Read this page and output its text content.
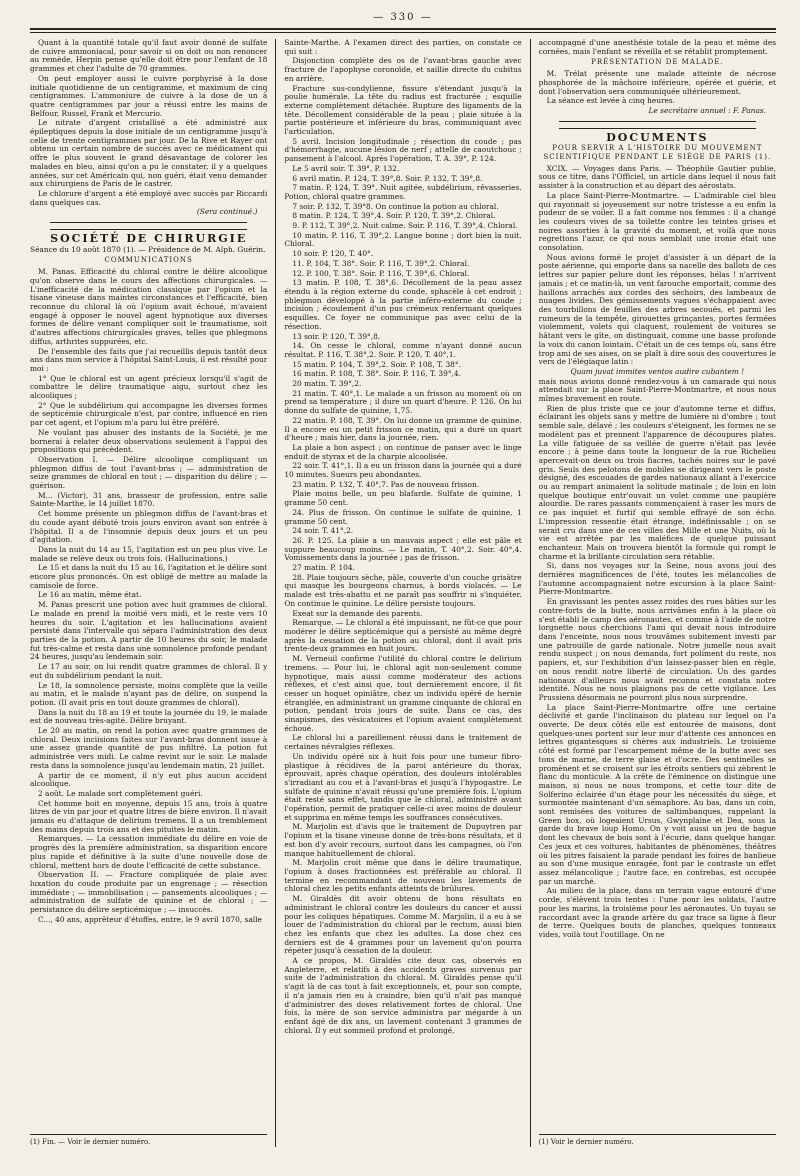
— 330 —

Quant à la quantité totale qu'il faut avoir donné de sulfate de cuivre ammoniacal, pour savoir si on doit ou non renoncer au remède, Herpin pense qu'elle doit être pour l'enfant de 18 grammes et chez l'adulte de 70 grammes.

On peut employer aussi le cuivre porphyrisé à la dose initiale quotidienne de un centigramme, et maximum de cinq centigrammes. L'ammoniure de cuivre à la dose de un à quatre centigrammes par jour a réussi entre les mains de Belfour, Russel, Frank et Mercurio.

Le nitrate d'argent cristallisé a été administré aux épileptiques depuis la dose initiale de un centigramme jusqu'à celle de trente centigrammes par jour. De la Rive et Rayer ont obtenu un certain nombre de succès avec ce médicament qui offre le plus souvent le grand désavantage de colorer les malades en bleu, ainsi qu'on a pu le constater, il y a quelques années, sur cet Américain qui, non guéri, était venu demander aux chirurgiens de Paris de le castrer.

Le chlorure d'argent a été employé avec succès par Riccardi dans quelques cas.

(Sera continué.)
SOCIÉTÉ DE CHIRURGIE

Séance du 10 août 1870 (1). — Présidence de M. Alph. Guérin.

COMMUNICATIONS

M. Panas. Efficacité du chloral contre le délire alcoolique qu'on observe dans le cours des affections chirurgicales. — L'inefficacité de la médication classique par l'opium et la tisane vineuse dans maintes circonstances et l'efficacité, bien reconnue du chloral là où l'opium avait échoué, m'avaient engagé à opposer le nouvel agent hypnotique aux diverses formes de délire venant compliquer soit le traumatisme, soit d'autres affections chirurgicales graves, telles que phlegmons diffus, arthrites suppurées, etc.

De l'ensemble des faits que j'ai recueillis depuis tantôt deux ans dans mon service à l'hôpital Saint-Louis, il est résulté pour moi :

1° Que le chloral est un agent précieux lorsqu'il s'agit de combattre le délire traumatique aigu, surtout chez les alcooliques ;

2° Que le subdélirium qui accompagne les diverses formes de septicémie chirurgicale n'est, par contre, influencé en rien par cet agent, et l'opium m'a paru lui être préféré.

Ne voulant pas abuser des instants de la Société, je me bornerai à relater deux observations seulement à l'appui des propositions qui précèdent.

Observation I. — Délire alcoolique compliquant un phlegmon diffus de tout l'avant-bras ; — administration de seize grammes de chloral en tout ; — disparition du délire ; — guérison.

M... (Victor), 31 ans, brasseur de profession, entre salle Sainte-Marthe, le 14 juillet 1870.

Cet homme présente un phlegmon diffus de l'avant-bras et du coude ayant débuté trois jours environ avant son entrée à l'hôpital. Il a de l'insomnie depuis deux jours et un peu d'agitation.

Dans la nuit du 14 au 15, l'agitation est un peu plus vive. Le malade se relève deux ou trois fois. (Hallucinations.)

Le 15 et dans la nuit du 15 au 16, l'agitation et le délire sont encore plus prononcés. On est obligé de mettre au malade la camisole de force.

Le 16 au matin, même état.

M. Panas prescrit une potion avec huit grammes de chloral. Le malade en prend la moitié vers midi, et le reste vers 10 heures du soir. L'agitation et les hallucinations avaient persisté dans l'intervalle qui sépara l'administration des deux parties de la potion. A partir de 10 heures du soir, le malade fut très-calme et resta dans une somnolence profonde pendant 24 heures, jusqu'au lendemain soir.

Le 17 au soir, on lui rendit quatre grammes de chloral. Il y eut du subdélirium pendant la nuit.

Le 18, la somnolence persiste, moins complète que la veille au matin, et le malade n'ayant pas de délire, on suspend la potion. (Il avait pris en tout douze grammes de chloral).

Dans la nuit du 18 au 19 et toute la journée du 19, le malade est de nouveau très-agité. Délire bruyant.

Le 20 au matin, on rend la potion avec quatre grammes de chloral. Deux inciisions faites sur l'avant-bras donnent issue à une assez grande quantité de pus infiltré. La potion fut administrée vers midi. Le calme revint sur le soir. Le malade resta dans la somnolence jusqu'au lendemain matin, 21 juillet.

A partir de ce moment, il n'y eut plus aucun accident alcoolique.

2 août. Le malade sort complètement guéri.

Cet homme boit en moyenne, depuis 15 ans, trois à quatre litres de vin par jour et quatre litres de bière environ. Il n'avait jamais eu d'attaque de delirium tremens. Il a un tremblement des mains depuis trois ans et des pituites le matin.

Remarques. — La cessation immédiate du délire en voie de progrès dès la première administration, sa disparition encore plus rapide et définitive à la suite d'une nouvelle dose de chloral, mettent hors de doute l'efficacité de cette substance.

Observation II. — Fracture compliquée de plaie avec luxation du coude produite par un engrenage ; — résection immédiate ; — immobilisation ; — pansements alcooliques ; — administration de sulfate de quinine et de chloral ; — persistance du délire septicémique ; — insuccès.

C..., 40 ans, apprêteur d'étoffes, entre, le 9 avril 1870, salle

(1) Fin. — Voir le dernier numéro.

Sainte-Marthe. A l'examen direct des parties, on constate ce qui suit :

Disjonction complète des os de l'avant-bras gauche avec fracture de l'apophyse coronoïde, et saillie directe du cubitus en arrière.

Fracture sus-condylienne, fissure s'étendant jusqu'à la poulie humérale. La tête du radius est fracturée ; esquille externe complètement détachée. Rupture des ligaments de la tête. Décollement considérable de la peau ; plaie située à la partie postérieure et inférieure du bras, communiquant avec l'articulation.

5 avril. Incision longitudinale ; résection du coude ; pas d'hémorrhagie, aucune lésion de nerf ; attelle de caoutchouc ; pansement à l'alcool. Après l'opération, T. A. 39°, P. 124.

Le 5 avril soir. T. 39°, P. 132.

6 avril matin. P. 124, T. 39°,8. Soir. P. 132, T. 39°,8.

7 matin. P. 124, T. 39°. Nuit agitée, subdélirium, rêvasseries. Potion, chloral quatre grammes.

7 soir. P. 132, T. 39°8. On continue la potion au chloral.

8 matin. P. 124, T. 39°,4. Soir. P. 120, T. 39°,2. Chloral.

9. P. 112, T. 39°,2. Nuit calme. Soir. P. 116, T. 39°,4. Chloral.

10 matin. P. 116, T. 39°,2. Langue bonne ; dort bien la nuit. Chloral.

10 soir. P. 120, T. 40°.

11. P. 104, T. 38°. Soir. P. 116, T. 39°,2. Chloral.

12. P. 100, T. 38°. Soir. P. 116, T. 39°,6. Chloral.

13 matin. P. 108, T. 38°,6. Décollement de la peau assez étendu à la région externe du coude, sphacèle à cet endroit ; phlegmon développé à la partie inféro-externe du coude ; incision ; écoulement d'un pus crémeux renfermant quelques esquilles. Ce foyer ne communique pas avec celui de la résection.

13 soir. P. 120, T. 39°,8.

14. On cesse le chloral, comme n'ayant donné aucun résultat. P. 116, T. 38°,2. Soir. P. 120, T. 40°,1.

15 matin. P. 104, T. 39°,2. Soir. P. 108, T. 38°.

16 matin. P. 108, T. 38°. Soir. P. 116, T. 39°,4.

20 matin. T. 39°,2.

21 matin. T. 40°,1. Le malade a un frisson au moment où on prend sa température ; il dure un quart d'heure. P. 126. On lui donne du sulfate de quinine, 1,75.

22 matin. P. 108, T. 39°. On lui donne un gramme de quinine. Il a encore eu un petit frisson ce matin, qui a duré un quart d'heure ; mais hier, dans la journée, rien.

La plaie a bon aspect ; on continue de panser avec le linge enduit de styrax et de la charpie alcoolisée.

22 soir. T. 41°,1. Il a eu un frisson dans la journée qui a duré 10 minutes. Sueurs peu abondantes.

23 matin. P. 132, T. 40°,7. Pas de nouveau frisson.

Plaie moins belle, un peu blafarde. Sulfate de quinine, 1 gramme 50 cent.

24. Plus de frisson. On continue le sulfate de quinine, 1 gramme 50 cent.

24 soir. T. 41°,2.

26. P. 125. La plaie a un mauvais aspect ; elle est pâle et suppure beaucoup moins. — Le matin, T. 40°,2. Soir. 40°,4. Vomissements dans la journée ; pas de frisson.

27 matin. P. 104.

28. Plaie toujours sèche, pâle, couverte d'un couche grisâtre qui masque les bourgeons charnus, à bords violacés. — Le malade est très-abattu et ne paraît pas souffrir ni s'inquiéter. On continue le quinine. Le délire persiste toujours.

Exeat sur la demande des parents.

Remarque. — Le chloral a été impuissant, ne fût-ce que pour modérer le délire septicémique qui a persisté au même degré après la cessation de la potion au chloral, dont il avait pris trente-deux grammes en huit jours.

M. Verneuil confirme l'utilité du chloral contre le delirium tremens. — Pour lui, le chloral agit non-seulement comme hypnotique, mais aussi comme modérateur des actions réflexes, et c'est ainsi que, tout dernièrement encore, il fit cesser un hoquet opiniâtre, chez un individu opéré de hernie étranglée, en administrant un gramme cinquante de chloral en potion, pendant trois jours de suite. Dans ce cas, des sinapismes, des vésicatoires et l'opium avaient complètement échoué.

Le chloral lui a pareillement réussi dans le traitement de certaines névralgies réflexes.

Un individu opéré six à huit fois pour une tumeur fibro-plastique à récidives de la paroi antérieure du thorax, éprouvait, après chaque opération, des douleurs intolérables s'irradiant au cou et à l'avant-bras et jusqu'à l'hypogastre. Le sulfate de quinine n'avait réussi qu'une première fois. L'opium était resté sans effet, tandis que le chloral, administré avant l'opération, permit de pratiquer celle-ci avec moins de douleur et supprima en même temps les souffrances consécutives.

M. Marjolin est d'avis que le traitement de Dupuytren par l'opium et la tisane vineuse donne de très-bons résultats, et il est bon d'y avoir recours, surtout dans les campagnes, où l'on manque habituellement de chloral.

M. Marjolin croit même que dans le délire traumatique, l'opium à doses fractionnées est préférable au chloral. Il termine en recommandant de nouveau les lavements de chloral chez les petits enfants atteints de brûlures.

M. Giraldès dit avoir obtenu de bons résultats en administrant le chloral contre les douleurs du cancer et aussi pour les coliques hépatiques. Comme M. Marjolin, il a eu à se louer de l'administration du chloral par le rectum, aussi bien chez les enfants que chez les adultes. La dose chez ces derniers est de 4 grammes pour un lavement qu'on pourra répéter jusqu'à cessation de la douleur.

A ce propos, M. Giraldès cite deux cas, observés en Angleterre, et relatifs à des accidents graves survenus par suite de l'administration du chloral. M. Giraldès pense qu'il s'agit là de cas tout à fait exceptionnels, et, pour son compte, il n'a jamais rien eu à craindre, bien qu'il n'ait pas manqué d'administrer des doses relativement fortes de chloral. Une fois, la mère de son service administra par mégarde à un enfant âgé de dix ans, un lavement contenant 3 grammes de chloral. Il y eut sommeil profond et prolongé,

accompagné d'une anesthésie totale de la peau et même des cornées, mais l'enfant se réveilla et se rétablit promptement.

PRÉSENTATION DE MALADE.

M. Trélat présente une malade atteinte de nécrose phosphorée de la mâchoire inférieure, opérée et guérie, et dont l'observation sera communiquée ultérieurement.

La séance est levée à cinq heures.

Le secrétaire annuel : F. Panas.
DOCUMENTS
POUR SERVIR A L'HISTOIRE DU MOUVEMENT SCIENTIFIQUE PENDANT LE SIÈGE DE PARIS (1).

XCIX. — Voyages dans Paris. — Théophile Gautier publie, sous ce titre, dans l'Officiel, un article dans lequel il nous fait assister à la construction et au départ des aérostats.

La place Saint-Pierre-Montmartre. — L'admirable ciel bleu qui rayonnait si joyeusement sur notre tristesse a eu enfin la pudeur de se voiler. Il a fait comme nos femmes : il a changé les couleurs vives de sa toilette contre les teintes grises et noires assorties à la gravité du moment, et voilà que nous regrettons l'azur, ce qui nous semblait une ironie était une consolation.

Nous avions formé le projet d'assister à un départ de la poste aérienne, qui emporte dans sa nacelle des ballots de ces lettres sur papier pelure dont les réponses, hélas ! n'arrivent jamais ; et ce matin-là, un vent farouche emportait, comme des haillons arrachés aux cordes des séchoirs, des lambeaux de nuages livides. Des gémissements vagues s'échappaient avec des tourbillons de feuilles des arbres secoués, et parmi les rumeurs de la tempête, girouettes grinçantes, portes fermées violemment, volets qui claquent, roulement de voitures se hâtant vers le gîte, on distinguait, comme une basse profonde la voix du canon lointain. C'était un de ces temps où, sans être trop ami de ses aises, on se plaît à dire sous des couvertures le vers de l'élégiaque latin :

Quam juvat immites ventos audire cubantem !

mais nous avions donné rendez-vous à un camarade qui nous attendait sur la place Saint-Pierre-Montmartre, et nous nous mîmes bravement en route.

Rien de plus triste que ce jour d'automne terne et diffus, éclairant les objets sans y mettre de lumière ni d'ombre ; tout semble sale, délavé ; les couleurs s'éteignent, les formes ne se modèlent pas et prennent l'apparence de découpures plates. La ville fatiguée de sa veillée de guerre n'était pas levée encore ; à peine dans toute la longueur de la rue Richelieu apercevait-on deux ou trois fiacres, tachés noires sur le pavé gris. Seuls des pelotons de mobiles se dirigeant vers le poste désigné, des escouades de gardes nationaux allant à l'exercice ou au rempart animaient la solitude matinale ; de loin en loin quelque boutique entr'ouvait un volet comme une paupière alourdie. De rares passants commençaient à raser les murs de ce pas inquiet et furtif qui semble effrayé de son écho. L'impression ressentie était étrange, indéfinissable ; on se serait cru dans une de ces villes des Mille et une Nuits, où la vie est arrêtée par les maléfices de quelque puissant enchanteur. Mais on trouvera bientôt la formule qui rompt le charme et la brillante circulation sera rétablie.

Si, dans nos voyages sur la Seine, nous avons joui des dernières magnificences de l'été, toutes les mélancolies de l'automne accompagnaient notre excursion à la place Saint-Pierre-Montmartre.

En gravissant les pentes assez roides des rues bâties sur les contre-forts de la butte, nous arrivâmes enfin à la place où s'est établi le camp des aéronautes, et comme à l'aide de notre lorgnette nous cherchions l'ami qui devait nous introduire dans l'enceinte, nous nous trouvâmes subitement investi par une patrouille de garde nationale. Notre jumelle nous avait rendu suspect ; on nous demanda, fort poliment du reste, nos papiers, et, sur l'exhibition d'un laissez-passer bien en règle, on nous rendit notre liberté de circulation. Un des gardes nationaux d'ailleurs nous avait reconnu et constata notre identité. Nous ne nous plaignons pas de cette vigilance. Les Prussiens désormais ne pourront plus nous surprendre.

La place Saint-Pierre-Montmartre offre une certaine déclivité et garde l'inclinaison du plateau sur lequel on l'a ouverte. De deux côtés elle est entourée de maisons, dont quelques-unes portent sur leur mur d'attente ces annonces en lettres gigantesques si chères aux industriels. Le troisième côté est formé par l'escarpement même de la butte avec ses tons de marne, de terre glaise et d'ocre. Des sentinelles se promènent et se croisent sur les étroits sentiers qui zèbrent le flanc du monticule. A la crête de l'éminence on distingue une maison, si nous ne nous trompons, et cette tour dite de Solferino éclairée d'un étage pour les nécessités du siège, et surmontée maintenant d'un sémaphore. Au bas, dans un coin, sont remisées des voitures de saltimbanques, rappelant la Green box, où logeaient Ursus, Gwynplaine et Dea, sous la garde du brave loup Homo. On y voit aussi un jeu de bague dont les chevaux de bois sont à l'écurie, dans quelque hangar. Ces jeux et ces voitures, habitantes de phénomènes, théâtres où les pitres faisaient la parade pendant les foires de banlieue au son d'une musique enragée, font par le contraste un effet assez mélancolique ; l'autre face, en contrebas, est occupée par un marché.

Au milieu de la place, dans un terrain vague entouré d'une corde, s'élèvent trois tentes : l'une pour les soldats, l'autre pour les marins, la troisième pour les aéronautes. Un tuyau se raccordant avec la grande artère du gaz trace sa ligne à fleur de terre. Quelques bouts de planches, quelques tonneaux vides, voilà tout l'outillage. On ne

(1) Voir le dernier numéro.
